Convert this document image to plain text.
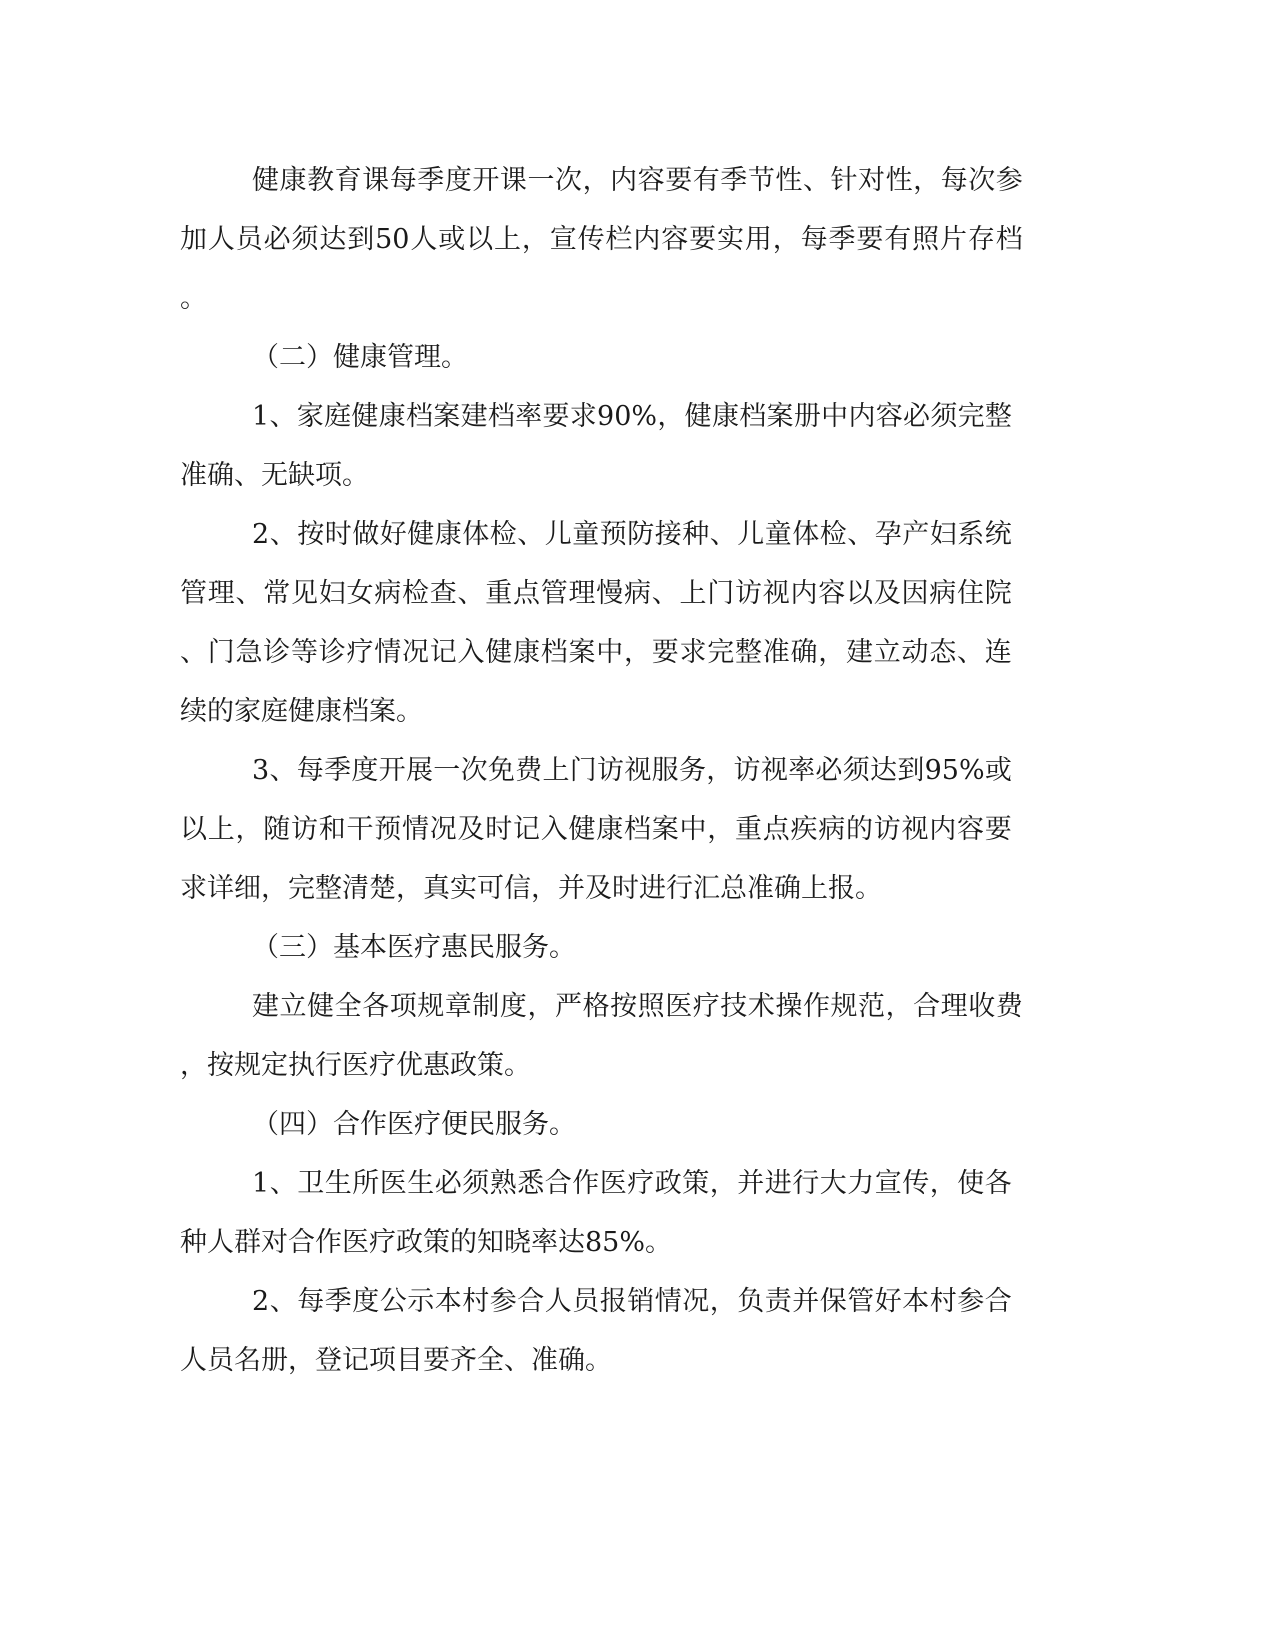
健 康 教 育 课 每 季 度 开 课 一 次 ， 内 容 要 有 季 节 性 、 针 对 性 ， 每 次 参
加 人 员 必 须 达 到 50 人 或 以 上 ， 宣 传 栏 内 容 要 实 用 ， 每 季 要 有 照 片 存 档
。
（二）健康管理。
1 、 家 庭 健 康 档 案 建 档 率 要 求 90% ， 健 康 档 案 册 中 内 容 必 须 完 整
准确、无缺项。
2 、 按 时 做 好 健 康 体 检 、 儿 童 预 防 接 种 、 儿 童 体 检 、 孕 产 妇 系 统
管 理 、 常 见 妇 女 病 检 查 、 重 点 管 理 慢 病 、 上 门 访 视 内 容 以 及 因 病 住 院
、 门 急 诊 等 诊 疗 情 况 记 入 健 康 档 案 中 ， 要 求 完 整 准 确 ， 建 立 动 态 、 连
续的家庭健康档案。
3 、 每 季 度 开 展 一 次 免 费 上 门 访 视 服 务 ， 访 视 率 必 须 达 到 95% 或
以 上 ， 随 访 和 干 预 情 况 及 时 记 入 健 康 档 案 中 ， 重 点 疾 病 的 访 视 内 容 要
求详细，完整清楚，真实可信，并及时进行汇总准确上报。
（三）基本医疗惠民服务。
建 立 健 全 各 项 规 章 制 度 ， 严 格 按 照 医 疗 技 术 操 作 规 范 ， 合 理 收 费
，按规定执行医疗优惠政策。
（四）合作医疗便民服务。
1 、 卫 生 所 医 生 必 须 熟 悉 合 作 医 疗 政 策 ， 并 进 行 大 力 宣 传 ， 使 各
种人群对合作医疗政策的知晓率达85%。
2 、 每 季 度 公 示 本 村 参 合 人 员 报 销 情 况 ， 负 责 并 保 管 好 本 村 参 合
人员名册，登记项目要齐全、准确。
